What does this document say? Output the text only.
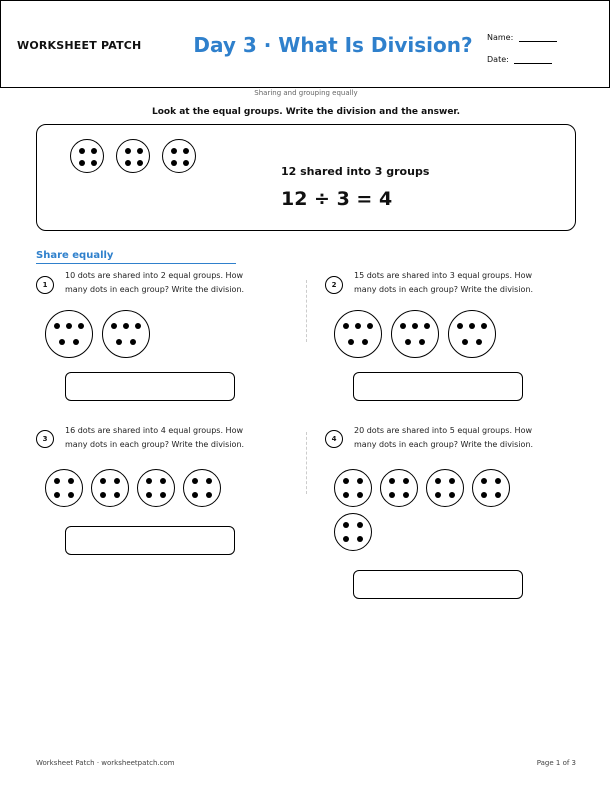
WORKSHEET PATCH	Day 3 · What Is Division?	Name:
Date:
Sharing and grouping equally
Look at the equal groups. Write the division and the answer.
12 shared into 3 groups
12 ÷ 3 = 4
Share equally
1
10 dots are shared into 2 equal groups. How many dots in each group? Write the division.	2
15 dots are shared into 3 equal groups. How many dots in each group? Write the division.
3
16 dots are shared into 4 equal groups. How many dots in each group? Write the division.
4
20 dots are shared into 5 equal groups. How many dots in each group? Write the division.
Worksheet Patch · worksheetpatch.com	Page 1 of 3
